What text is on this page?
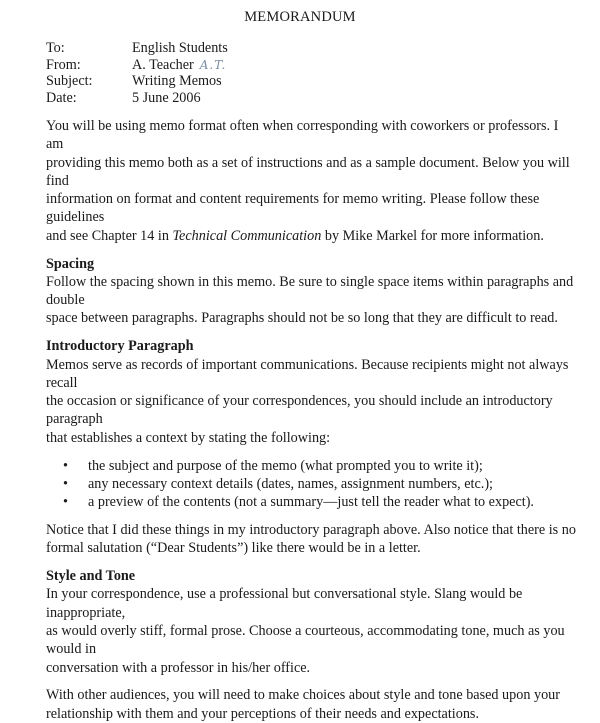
MEMORANDUM
To:	English Students
From:	A. Teacher A.T.
Subject:	Writing Memos
Date:	5 June 2006

You will be using memo format often when corresponding with coworkers or professors. I am
providing this memo both as a set of instructions and as a sample document. Below you will find
information on format and content requirements for memo writing. Please follow these guidelines
and see Chapter 14 in Technical Communication by Mike Markel for more information.

Spacing

Follow the spacing shown in this memo. Be sure to single space items within paragraphs and double
space between paragraphs. Paragraphs should not be so long that they are difficult to read.

Introductory Paragraph

Memos serve as records of important communications. Because recipients might not always recall
the occasion or significance of your correspondences, you should include an introductory paragraph
that establishes a context by stating the following:

• the subject and purpose of the memo (what prompted you to write it);
• any necessary context details (dates, names, assignment numbers, etc.);
• a preview of the contents (not a summary—just tell the reader what to expect).

Notice that I did these things in my introductory paragraph above. Also notice that there is no
formal salutation (“Dear Students”) like there would be in a letter.

Style and Tone

In your correspondence, use a professional but conversational style. Slang would be inappropriate,
as would overly stiff, formal prose. Choose a courteous, accommodating tone, much as you would in
conversation with a professor in his/her office.

With other audiences, you will need to make choices about style and tone based upon your
relationship with them and your perceptions of their needs and expectations.
